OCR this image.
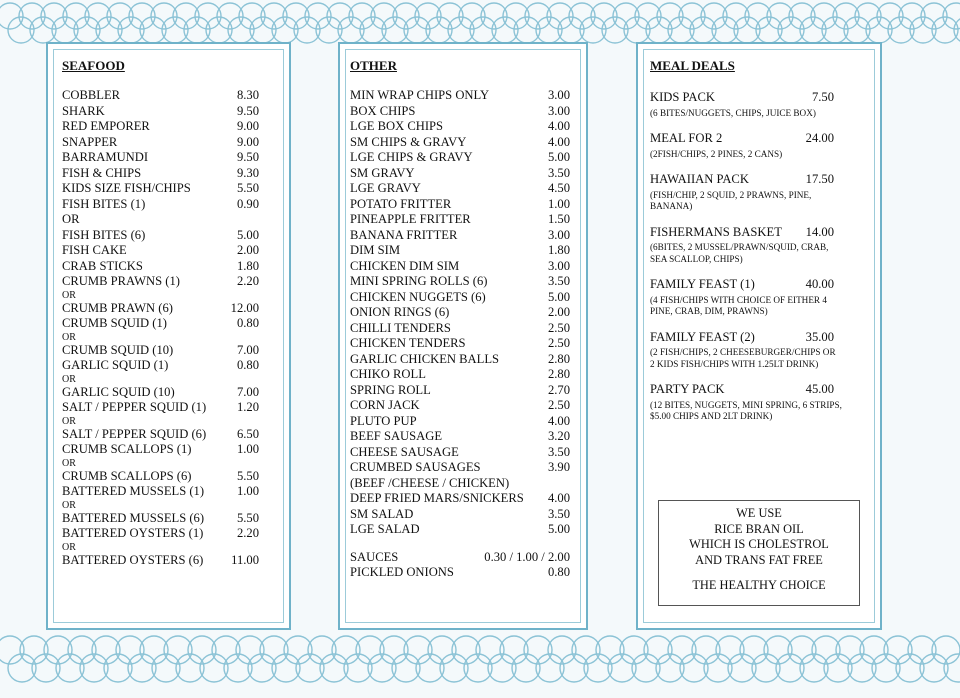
SEAFOOD
COBBLER	8.30
SHARK	9.50
RED EMPORER	9.00
SNAPPER	9.00
BARRAMUNDI	9.50
FISH & CHIPS	9.30
KIDS SIZE FISH/CHIPS	5.50
FISH BITES (1)	0.90
OR
FISH BITES (6)	5.00
FISH CAKE	2.00
CRAB STICKS	1.80
CRUMB PRAWNS (1)	2.20
OR
CRUMB PRAWN (6)	12.00
CRUMB SQUID (1)	0.80
OR
CRUMB SQUID (10)	7.00
GARLIC SQUID (1)	0.80
OR
GARLIC SQUID (10)	7.00
SALT / PEPPER SQUID (1) 1.20
OR
SALT / PEPPER SQUID (6) 6.50
CRUMB SCALLOPS (1)	1.00
OR
CRUMB SCALLOPS (6)	5.50
BATTERED MUSSELS (1)	1.00
OR
BATTERED MUSSELS (6)	5.50
BATTERED OYSTERS (1)	2.20
OR
BATTERED OYSTERS (6) 11.00
OTHER
MIN WRAP CHIPS ONLY	3.00
BOX CHIPS	3.00
LGE BOX CHIPS	4.00
SM CHIPS & GRAVY	4.00
LGE CHIPS & GRAVY	5.00
SM GRAVY	3.50
LGE GRAVY	4.50
POTATO FRITTER	1.00
PINEAPPLE FRITTER	1.50
BANANA FRITTER	3.00
DIM SIM	1.80
CHICKEN DIM SIM	3.00
MINI SPRING ROLLS (6)	3.50
CHICKEN NUGGETS (6)	5.00
ONION RINGS (6)	2.00
CHILLI TENDERS	2.50
CHICKEN TENDERS	2.50
GARLIC CHICKEN BALLS	2.80
CHIKO ROLL	2.80
SPRING ROLL	2.70
CORN JACK	2.50
PLUTO PUP	4.00
BEEF SAUSAGE	3.20
CHEESE SAUSAGE	3.50
CRUMBED SAUSAGES	3.90
(BEEF /CHEESE / CHICKEN)
DEEP FRIED MARS/SNICKERS 4.00
SM SALAD	3.50
LGE SALAD	5.00
SAUCES	0.30 / 1.00 / 2.00
PICKLED ONIONS	0.80
MEAL DEALS
KIDS PACK	7.50
(6 BITES/NUGGETS, CHIPS, JUICE BOX)
MEAL FOR 2	24.00
(2FISH/CHIPS, 2 PINES, 2 CANS)
HAWAIIAN PACK	17.50
(FISH/CHIP, 2 SQUID, 2 PRAWNS, PINE,
BANANA)
FISHERMANS BASKET 14.00
(6BITES, 2 MUSSEL/PRAWN/SQUID, CRAB,
SEA SCALLOP, CHIPS)
FAMILY FEAST (1)	40.00
(4 FISH/CHIPS WITH CHOICE OF EITHER 4
PINE, CRAB, DIM, PRAWNS)
FAMILY FEAST (2)	35.00
(2 FISH/CHIPS, 2 CHEESEBURGER/CHIPS OR
2 KIDS FISH/CHIPS WITH 1.25LT DRINK)
PARTY PACK	45.00
(12 BITES, NUGGETS, MINI SPRING, 6 STRIPS,
$5.00 CHIPS AND 2LT DRINK)
WE USE
RICE BRAN OIL
WHICH IS CHOLESTROL
AND TRANS FAT FREE
THE HEALTHY CHOICE
